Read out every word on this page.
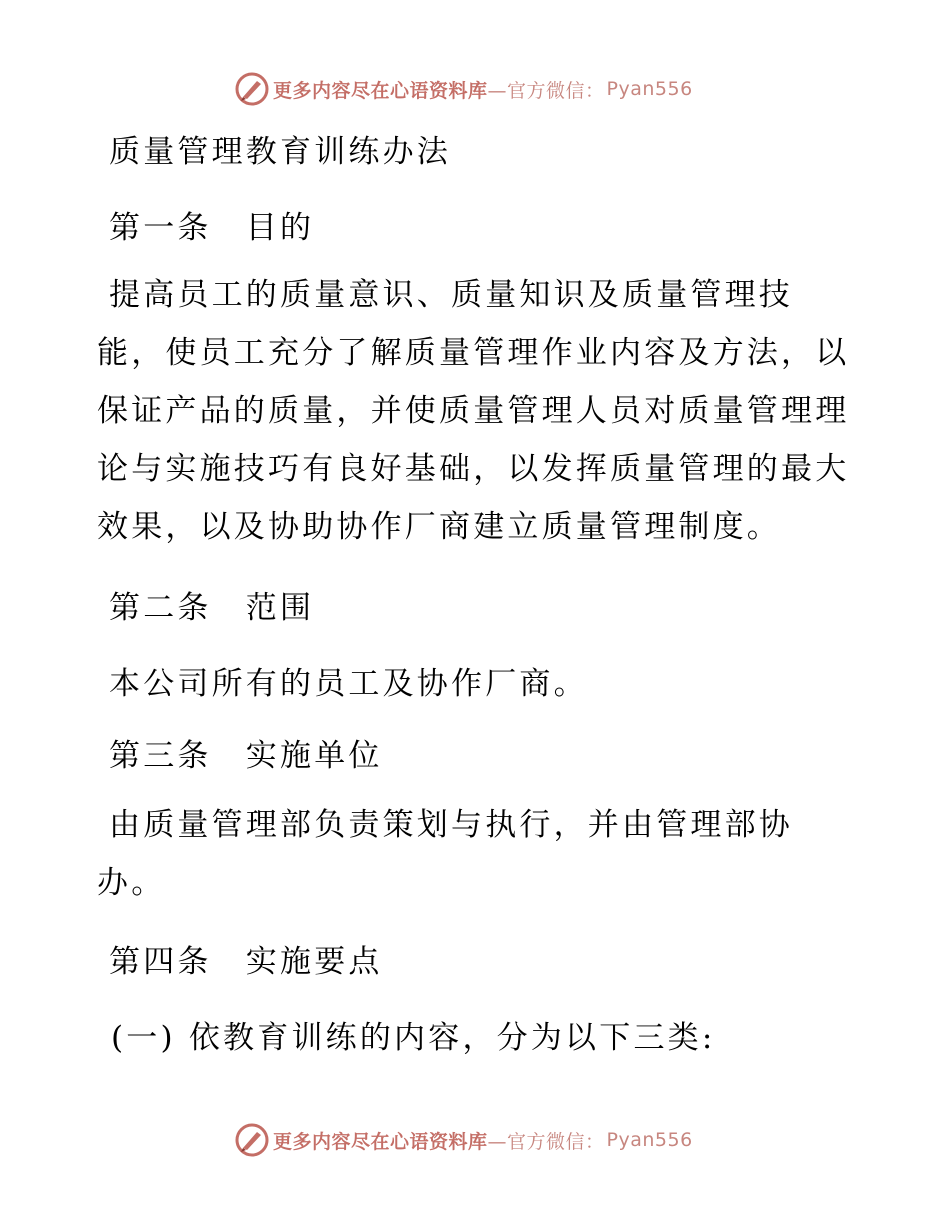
更多内容尽在心语资料库 —官方微信： Pyan556
质量管理教育训练办法
第一条　目的
提高员工的质量意识、质量知识及质量管理技
能，使员工充分了解质量管理作业内容及方法，以
保证产品的质量，并使质量管理人员对质量管理理
论与实施技巧有良好基础，以发挥质量管理的最大
效果，以及协助协作厂商建立质量管理制度。
第二条　范围
本公司所有的员工及协作厂商。
第三条　实施单位
由质量管理部负责策划与执行，并由管理部协
办。
第四条　实施要点
(一) 依教育训练的内容，分为以下三类:
更多内容尽在心语资料库 —官方微信： Pyan556
